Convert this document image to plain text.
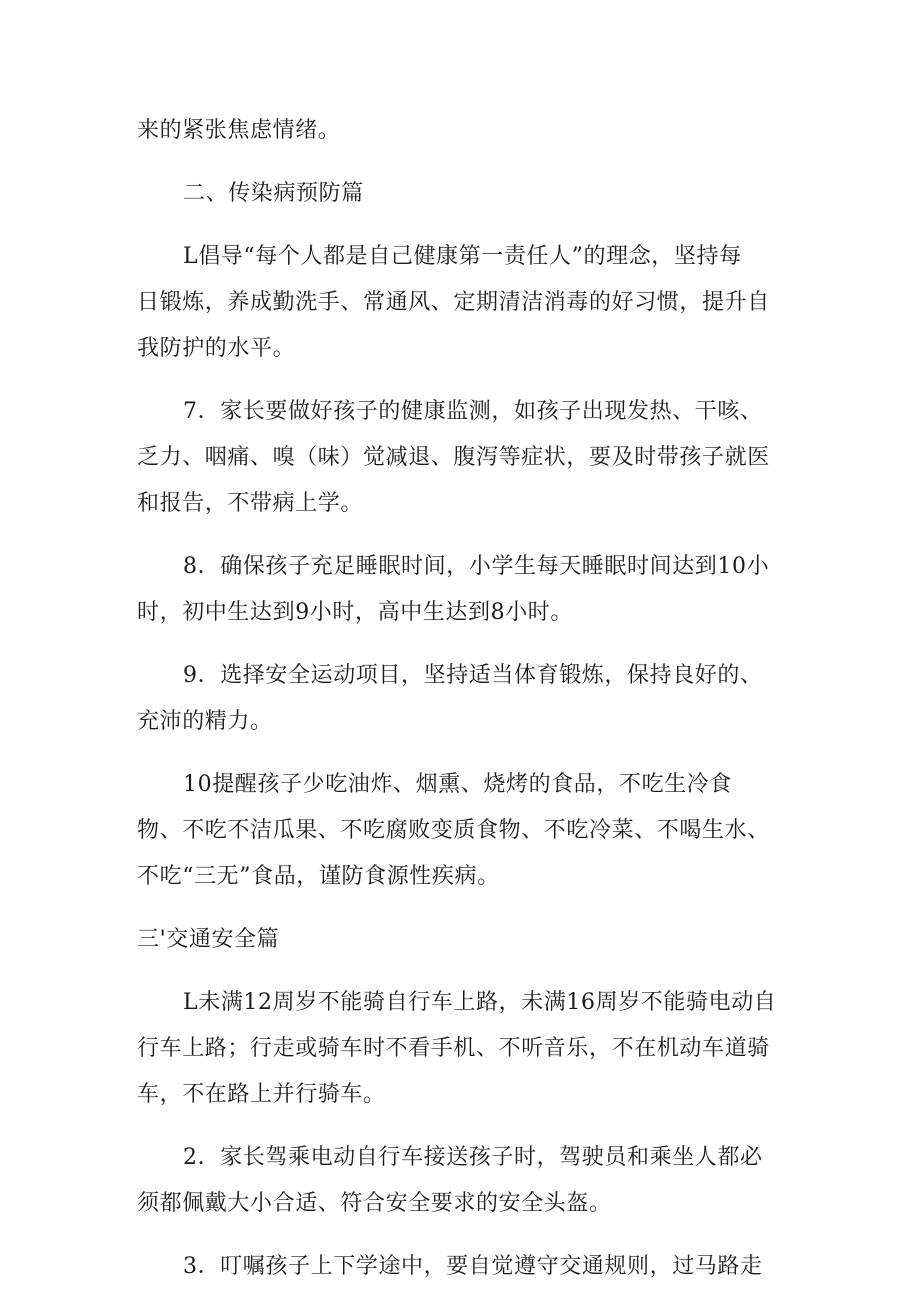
来的紧张焦虑情绪。
二、传染病预防篇
L倡导“每个人都是自己健康第一责任人”的理念，坚持每
日锻炼，养成勤洗手、常通风、定期清洁消毒的好习惯，提升自
我防护的水平。
7．家长要做好孩子的健康监测，如孩子出现发热、干咳、
乏力、咽痛、嗅（味）觉减退、腹泻等症状，要及时带孩子就医
和报告，不带病上学。
8．确保孩子充足睡眠时间，小学生每天睡眠时间达到10小
时，初中生达到9小时，高中生达到8小时。
9．选择安全运动项目，坚持适当体育锻炼，保持良好的、
充沛的精力。
10提醒孩子少吃油炸、烟熏、烧烤的食品，不吃生冷食
物、不吃不洁瓜果、不吃腐败变质食物、不吃冷菜、不喝生水、
不吃“三无”食品，谨防食源性疾病。
三'交通安全篇
L未满12周岁不能骑自行车上路，未满16周岁不能骑电动自
行车上路；行走或骑车时不看手机、不听音乐，不在机动车道骑
车，不在路上并行骑车。
2．家长驾乘电动自行车接送孩子时，驾驶员和乘坐人都必
须都佩戴大小合适、符合安全要求的安全头盔。
3．叮嘱孩子上下学途中，要自觉遵守交通规则，过马路走
